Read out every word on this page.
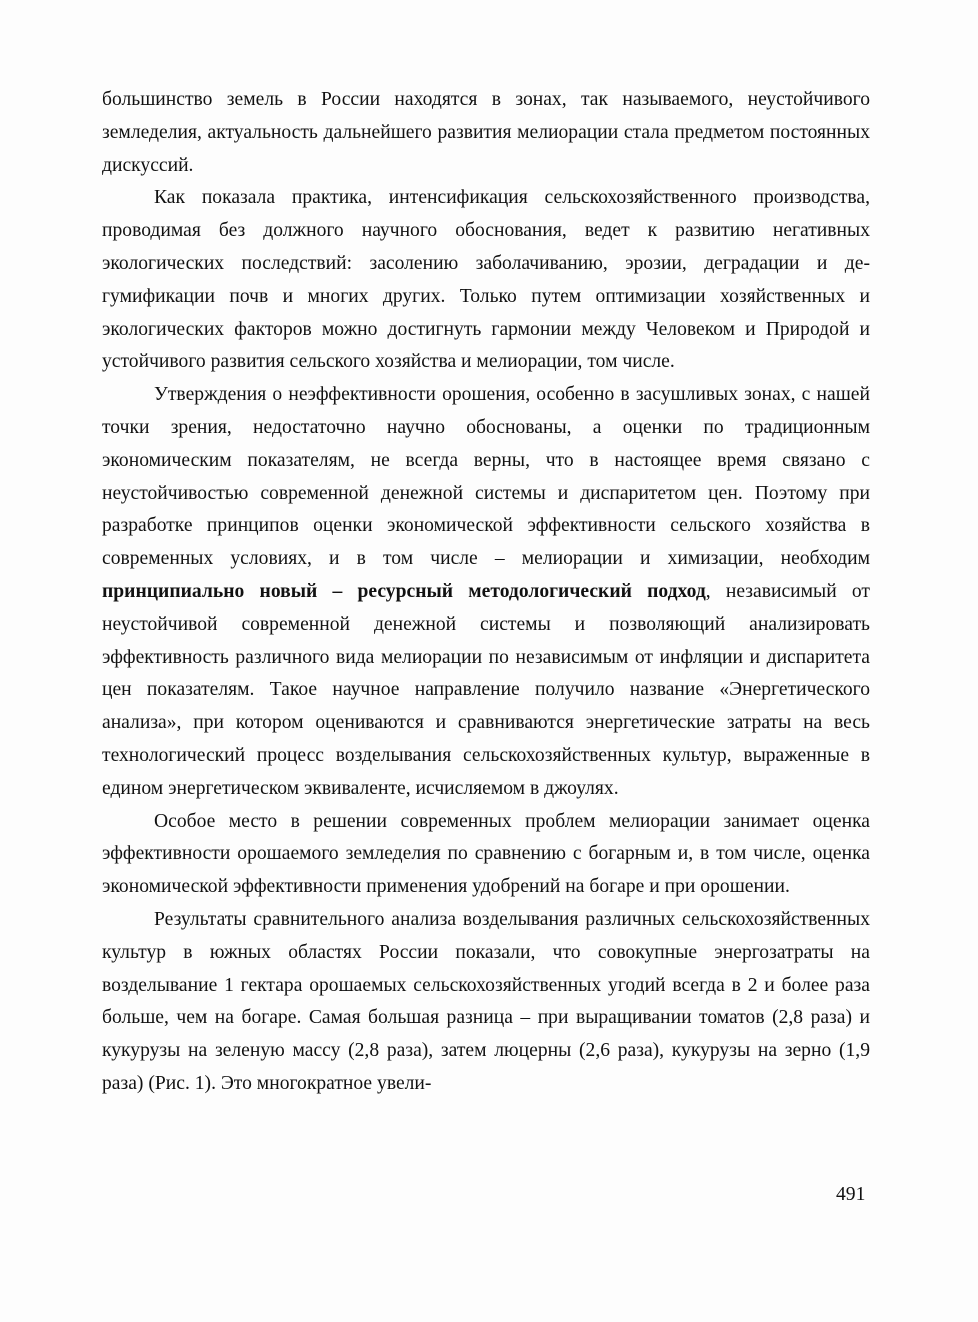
большинство земель в России находятся в зонах, так называемого, неустойчивого земледелия, актуальность дальнейшего развития мелиорации стала предметом постоянных дискуссий.

Как показала практика, интенсификация сельскохозяйственного производства, проводимая без должного научного обоснования, ведет к развитию негативных экологических последствий: засолению заболачиванию, эрозии, деградации и дегумификации почв и многих других. Только путем оптимизации хозяйственных и экологических факторов можно достигнуть гармонии между Человеком и Природой и устойчивого развития сельского хозяйства и мелиорации, том числе.

Утверждения о неэффективности орошения, особенно в засушливых зонах, с нашей точки зрения, недостаточно научно обоснованы, а оценки по традиционным экономическим показателям, не всегда верны, что в настоящее время связано с неустойчивостью современной денежной системы и диспаритетом цен. Поэтому при разработке принципов оценки экономической эффективности сельского хозяйства в современных условиях, и в том числе – мелиорации и химизации, необходим принципиально новый – ресурсный методологический подход, независимый от неустойчивой современной денежной системы и позволяющий анализировать эффективность различного вида мелиорации по независимым от инфляции и диспаритета цен показателям. Такое научное направление получило название «Энергетического анализа», при котором оцениваются и сравниваются энергетические затраты на весь технологический процесс возделывания сельскохозяйственных культур, выраженные в едином энергетическом эквиваленте, исчисляемом в джоулях.

Особое место в решении современных проблем мелиорации занимает оценка эффективности орошаемого земледелия по сравнению с богарным и, в том числе, оценка экономической эффективности применения удобрений на богаре и при орошении.

Результаты сравнительного анализа возделывания различных сельскохозяйственных культур в южных областях России показали, что совокупные энергозатраты на возделывание 1 гектара орошаемых сельскохозяйственных угодий всегда в 2 и более раза больше, чем на богаре. Самая большая разница – при выращивании томатов (2,8 раза) и кукурузы на зеленую массу (2,8 раза), затем люцерны (2,6 раза), кукурузы на зерно (1,9 раза) (Рис. 1). Это многократное увели-

491
